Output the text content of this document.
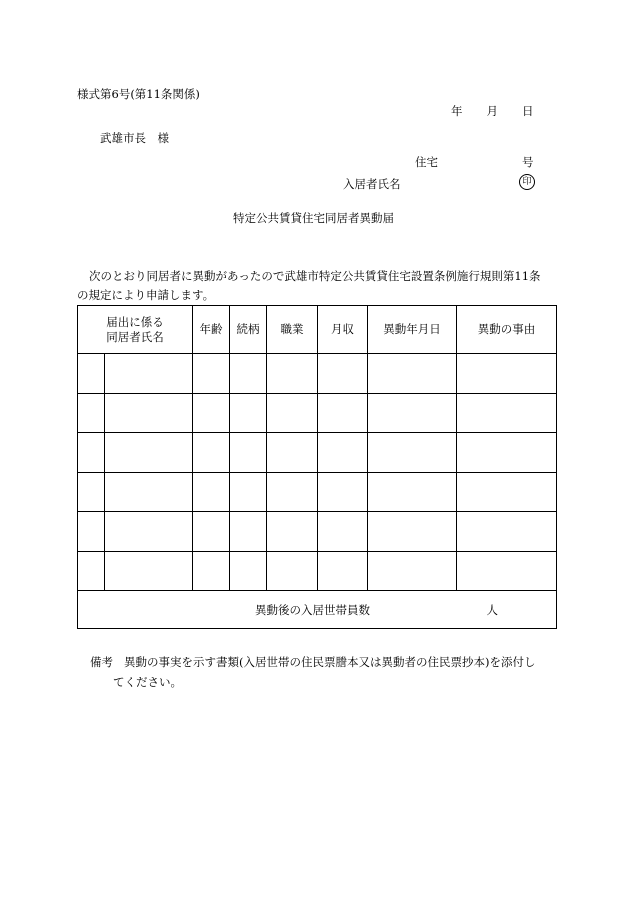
様式第6号(第11条関係)
年 月 日
武雄市長　様
住宅	号
入居者氏名	印
特定公共賃貸住宅同居者異動届

次のとおり同居者に異動があったので武雄市特定公共賃貸住宅設置条例施行規則第11条

の規定により申請します。

届出に係る
同居者氏名		年齢	続柄	職業	月収	異動年月日	異動の事由

異動後の入居世帯員数 人							
備考 異動の事実を示す書類(入居世帯の住民票謄本又は異動者の住民票抄本)を添付し
てください。
